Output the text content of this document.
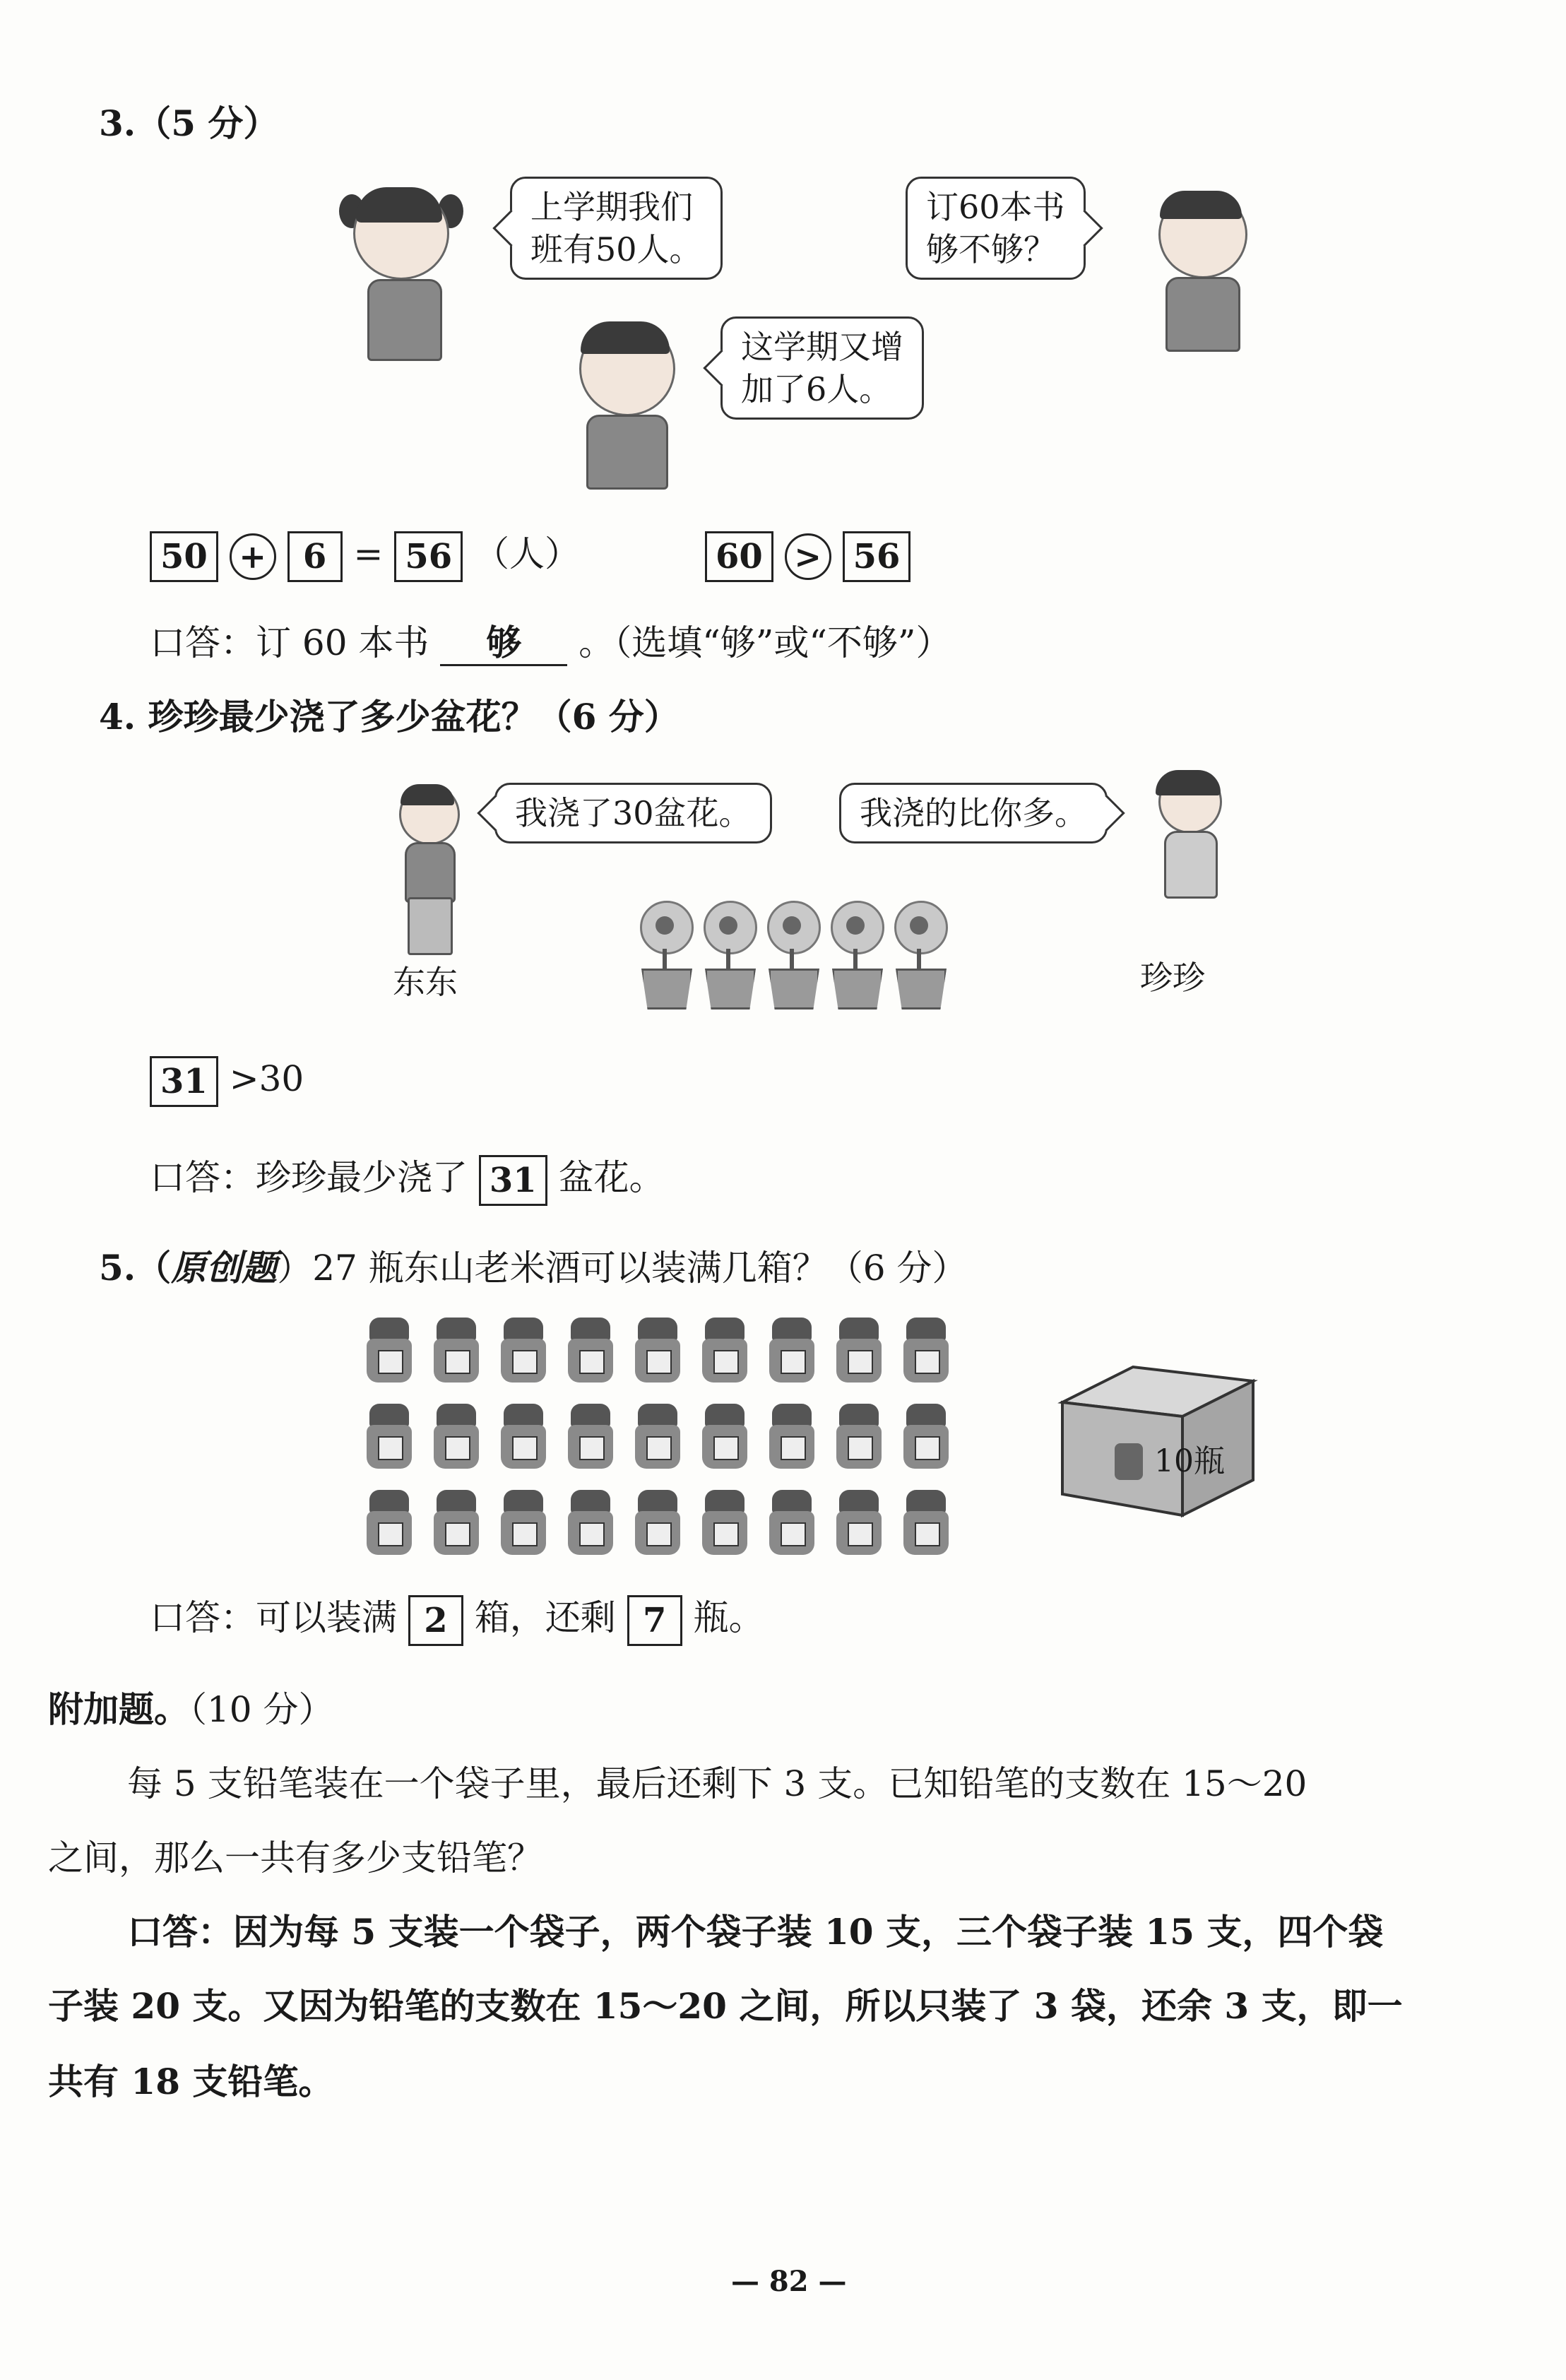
3.（5 分）
上学期我们
班有50人。
订60本书
够不够？
这学期又增
加了6人。
50 + 6 = 56 （人）	60 > 56
口答：订 60 本书 够 。（选填“够”或“不够”）
4. 珍珍最少浇了多少盆花？（6 分）
我浇了30盆花。
东东
我浇的比你多。
珍珍
31 >30
口答：珍珍最少浇了 31 盆花。
5.（原创题）27 瓶东山老米酒可以装满几箱？（6 分）
10瓶
口答：可以装满 2 箱，还剩 7 瓶。
附加题。（10 分）
每 5 支铅笔装在一个袋子里，最后还剩下 3 支。已知铅笔的支数在 15～20
之间，那么一共有多少支铅笔？
口答：因为每 5 支装一个袋子，两个袋子装 10 支，三个袋子装 15 支，四个袋
子装 20 支。又因为铅笔的支数在 15～20 之间，所以只装了 3 袋，还余 3 支，即一
共有 18 支铅笔。
— 82 —
